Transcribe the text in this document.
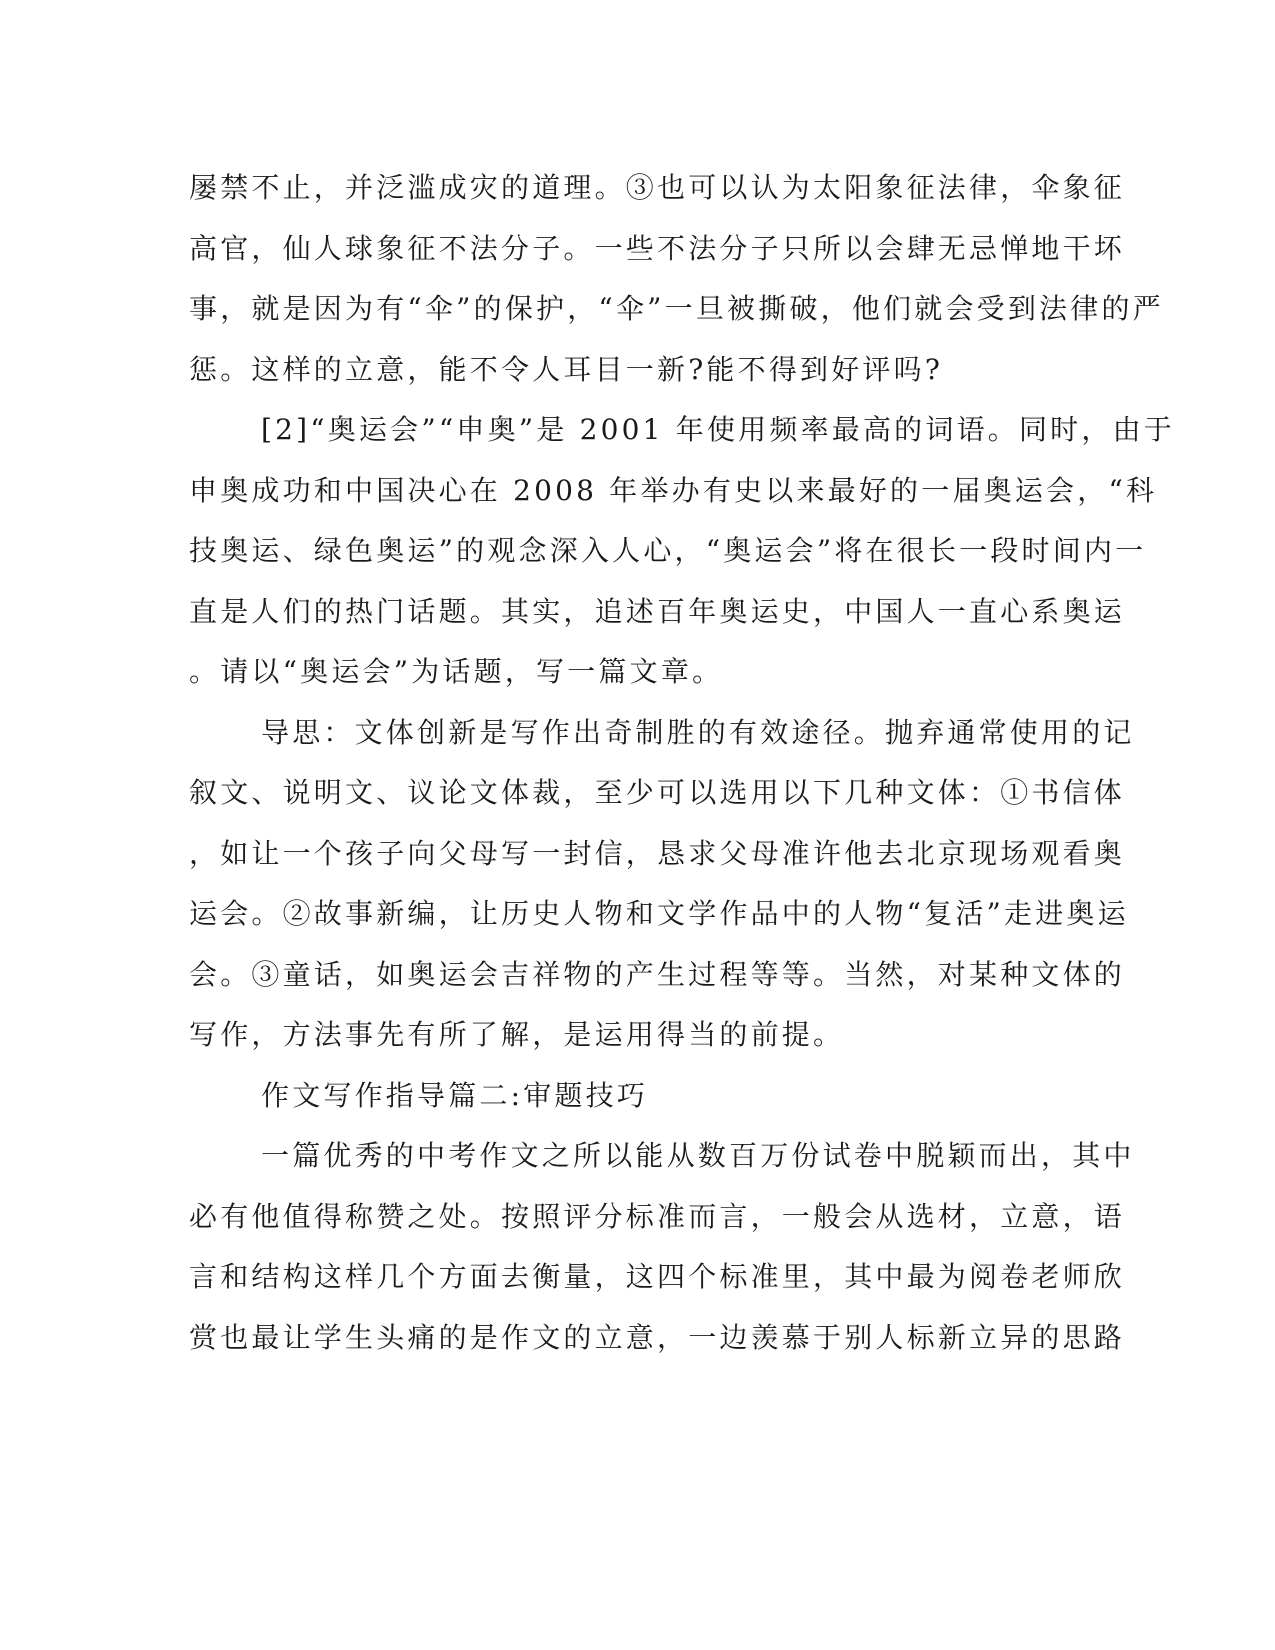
屡禁不止，并泛滥成灾的道理。③也可以认为太阳象征法律，伞象征
高官，仙人球象征不法分子。一些不法分子只所以会肆无忌惮地干坏
事，就是因为有“伞”的保护，“伞”一旦被撕破，他们就会受到法律的严
惩。这样的立意，能不令人耳目一新?能不得到好评吗?
[2]“奥运会”“申奥”是 2001 年使用频率最高的词语。同时，由于
申奥成功和中国决心在 2008 年举办有史以来最好的一届奥运会，“科
技奥运、绿色奥运”的观念深入人心，“奥运会”将在很长一段时间内一
直是人们的热门话题。其实，追述百年奥运史，中国人一直心系奥运
。请以“奥运会”为话题，写一篇文章。
导思：文体创新是写作出奇制胜的有效途径。抛弃通常使用的记
叙文、说明文、议论文体裁，至少可以选用以下几种文体：①书信体
，如让一个孩子向父母写一封信，恳求父母准许他去北京现场观看奥
运会。②故事新编，让历史人物和文学作品中的人物“复活”走进奥运
会。③童话，如奥运会吉祥物的产生过程等等。当然，对某种文体的
写作，方法事先有所了解，是运用得当的前提。
作文写作指导篇二:审题技巧
一篇优秀的中考作文之所以能从数百万份试卷中脱颖而出，其中
必有他值得称赞之处。按照评分标准而言，一般会从选材，立意，语
言和结构这样几个方面去衡量，这四个标准里，其中最为阅卷老师欣
赏也最让学生头痛的是作文的立意，一边羡慕于别人标新立异的思路
